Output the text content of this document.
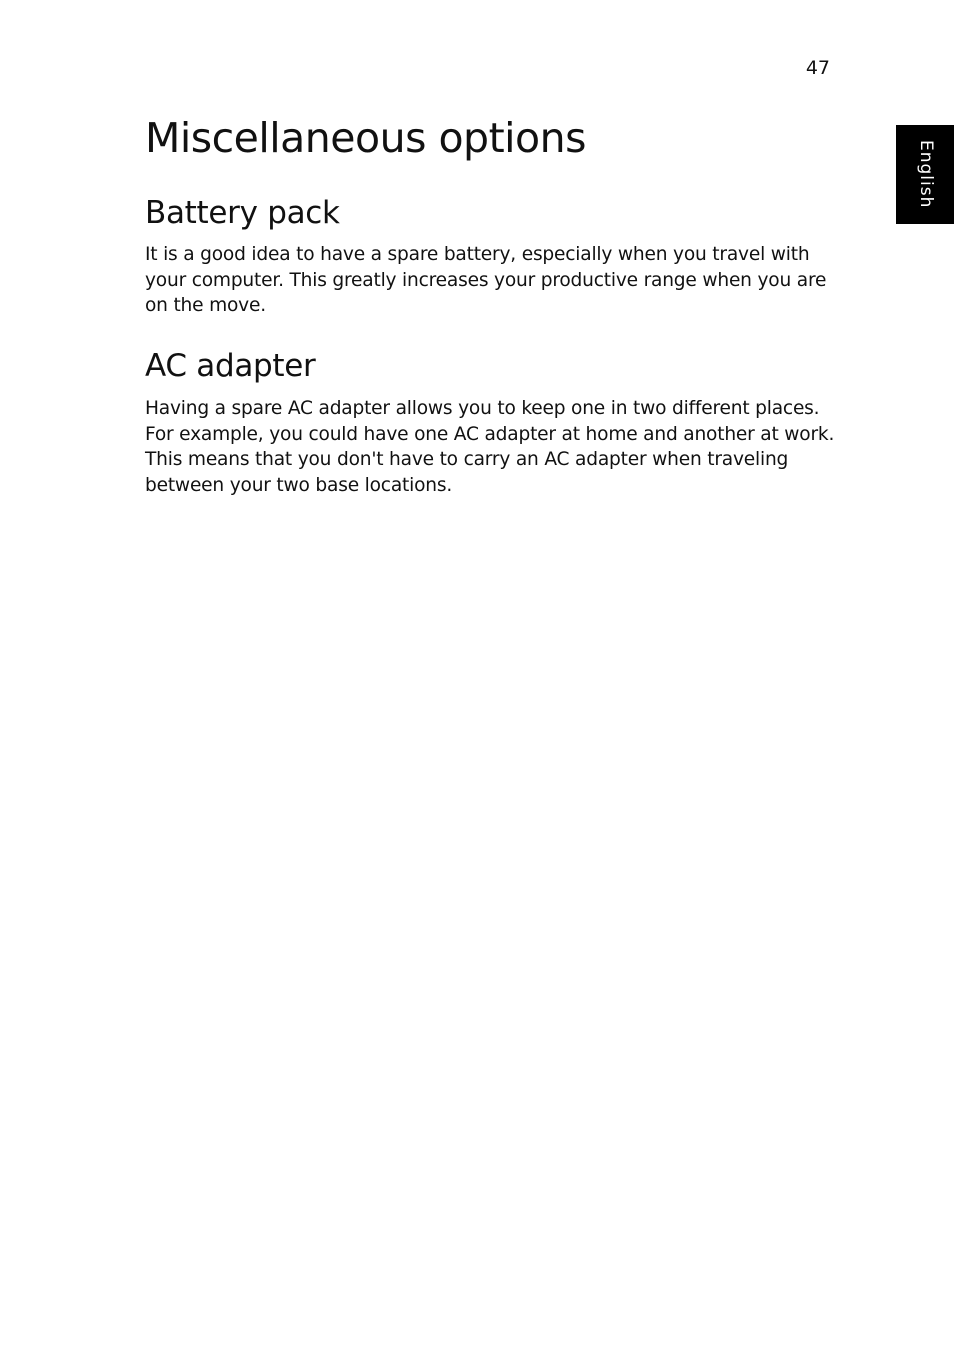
47
English
Miscellaneous options
Battery pack

It is a good idea to have a spare battery, especially when you travel with your computer. This greatly increases your productive range when you are on the move.

AC adapter

Having a spare AC adapter allows you to keep one in two different places. For example, you could have one AC adapter at home and another at work. This means that you don't have to carry an AC adapter when traveling between your two base locations.
